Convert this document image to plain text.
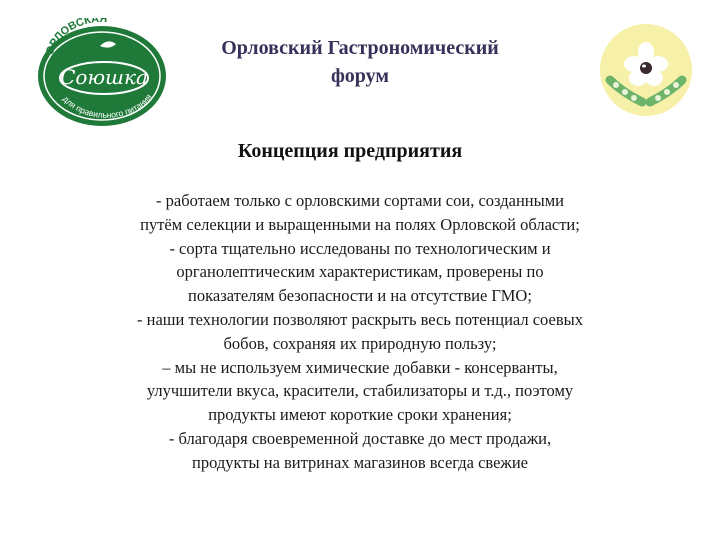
ОРЛОВСКАЯ
Союшка
для правильного питания
Орловский Гастрономический
форум
Концепция предприятия
- работаем только с орловскими сортами сои, созданными
путём селекции и выращенными на полях Орловской области;
- сорта тщательно исследованы по технологическим и
органолептическим характеристикам, проверены по
показателям безопасности и на отсутствие ГМО;
- наши технологии позволяют раскрыть весь потенциал соевых
бобов, сохраняя их природную пользу;
– мы не используем химические добавки - консерванты,
улучшители вкуса, красители, стабилизаторы и т.д., поэтому
продукты имеют короткие сроки хранения;
- благодаря своевременной доставке до мест продажи,
продукты на витринах магазинов всегда свежие
